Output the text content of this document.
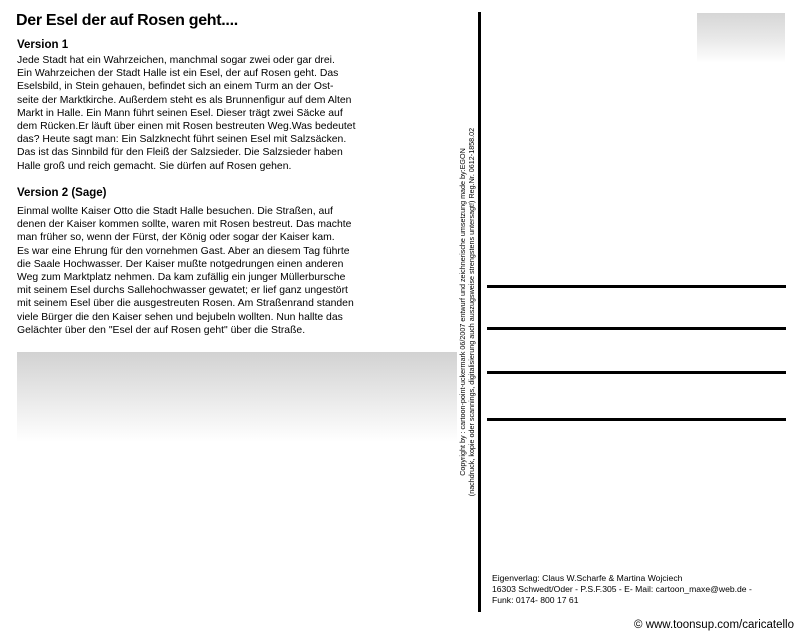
Der Esel der auf Rosen geht....
Version 1

Jede Stadt hat ein Wahrzeichen, manchmal sogar zwei oder gar drei.
Ein Wahrzeichen der Stadt Halle ist ein Esel, der auf Rosen geht. Das
Eselsbild, in Stein gehauen, befindet sich an einem Turm an der Ost-
seite der Marktkirche. Außerdem steht es als Brunnenfigur auf dem Alten
Markt in Halle. Ein Mann führt seinen Esel. Dieser trägt zwei Säcke auf
dem Rücken.Er läuft über einen mit Rosen bestreuten Weg.Was bedeutet
das? Heute sagt man: Ein Salzknecht führt seinen Esel mit Salzsäcken.
Das ist das Sinnbild für den Fleiß der Salzsieder. Die Salzsieder haben
Halle groß und reich gemacht. Sie dürfen auf Rosen gehen.

Version 2 (Sage)

Einmal wollte Kaiser Otto die Stadt Halle besuchen. Die Straßen, auf
denen der Kaiser kommen sollte, waren mit Rosen bestreut. Das machte
man früher so, wenn der Fürst, der König oder sogar der Kaiser kam.
Es war eine Ehrung für den vornehmen Gast. Aber an diesem Tag führte
die Saale Hochwasser. Der Kaiser mußte notgedrungen einen anderen
Weg zum Marktplatz nehmen. Da kam zufällig ein junger Müllerbursche
mit seinem Esel durchs Sallehochwasser gewatet; er lief ganz ungestört
mit seinem Esel über die ausgestreuten Rosen. Am Straßenrand standen
viele Bürger die den Kaiser sehen und bejubeln wollten. Nun hallte das
Gelächter über den "Esel der auf Rosen geht" über die Straße.	Copyright by : cartoon-point-uckermark 06/2007 entwurf und zeichnerische umsetzung made by:EGON (nachdruck, kopie oder scannings, digitalisierung auch auszugsweise strengstens untersagt!) Reg.Nr. 0612-1858.02

Eigenverlag: Claus W.Scharfe & Martina Wojciech
16303 Schwedt/Oder - P.S.F.305 - E- Mail: cartoon_maxe@web.de -
Funk: 0174- 800 17 61

© www.toonsup.com/caricatello
